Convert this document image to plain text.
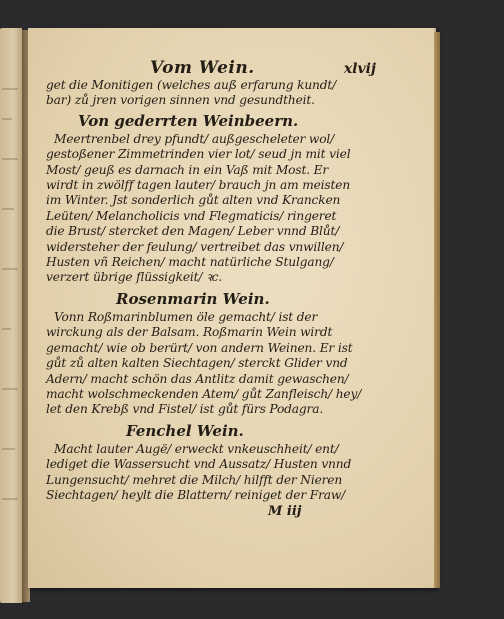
Vom Wein.	xlvij
get die Monitigen (welches auß erfarung kundt/
bar) zů jren vorigen sinnen vnd gesundtheit.
Von gederrten Weinbeern.
Meertrenbel drey pfundt/ außgescheleter wol/
gestoßener Zimmetrinden vier lot/ seud jn mit viel
Most/ geuß es darnach in ein Vaß mit Most. Er
wirdt in zwölff tagen lauter/ brauch jn am meisten
im Winter. Jst sonderlich gůt alten vnd Krancken
Leüten/ Melancholicis vnd Flegmaticis/ ringeret
die Brust/ stercket den Magen/ Leber vnnd Blůt/
widersteher der feulung/ vertreibet das vnwillen/
Husten vñ Reichen/ macht natürliche Stulgang/
verzert übrige flüssigkeit/ ꝛc.
Rosenmarin Wein.
Vonn Roßmarinblumen öle gemacht/ ist der
wirckung als der Balsam. Roßmarin Wein wirdt
gemacht/ wie ob berürt/ von andern Weinen. Er ist
gůt zů alten kalten Siechtagen/ sterckt Glider vnd
Adern/ macht schön das Antlitz damit gewaschen/
macht wolschmeckenden Atem/ gůt Zanfleisch/ hey/
let den Krebß vnd Fistel/ ist gůt fürs Podagra.
Fenchel Wein.
Macht lauter Augë/ erweckt vnkeuschheit/ ent/
lediget die Wassersucht vnd Aussatz/ Husten vnnd
Lungensucht/ mehret die Milch/ hilfft der Nieren
Siechtagen/ heylt die Blattern/ reiniget der Fraw/
M iij
